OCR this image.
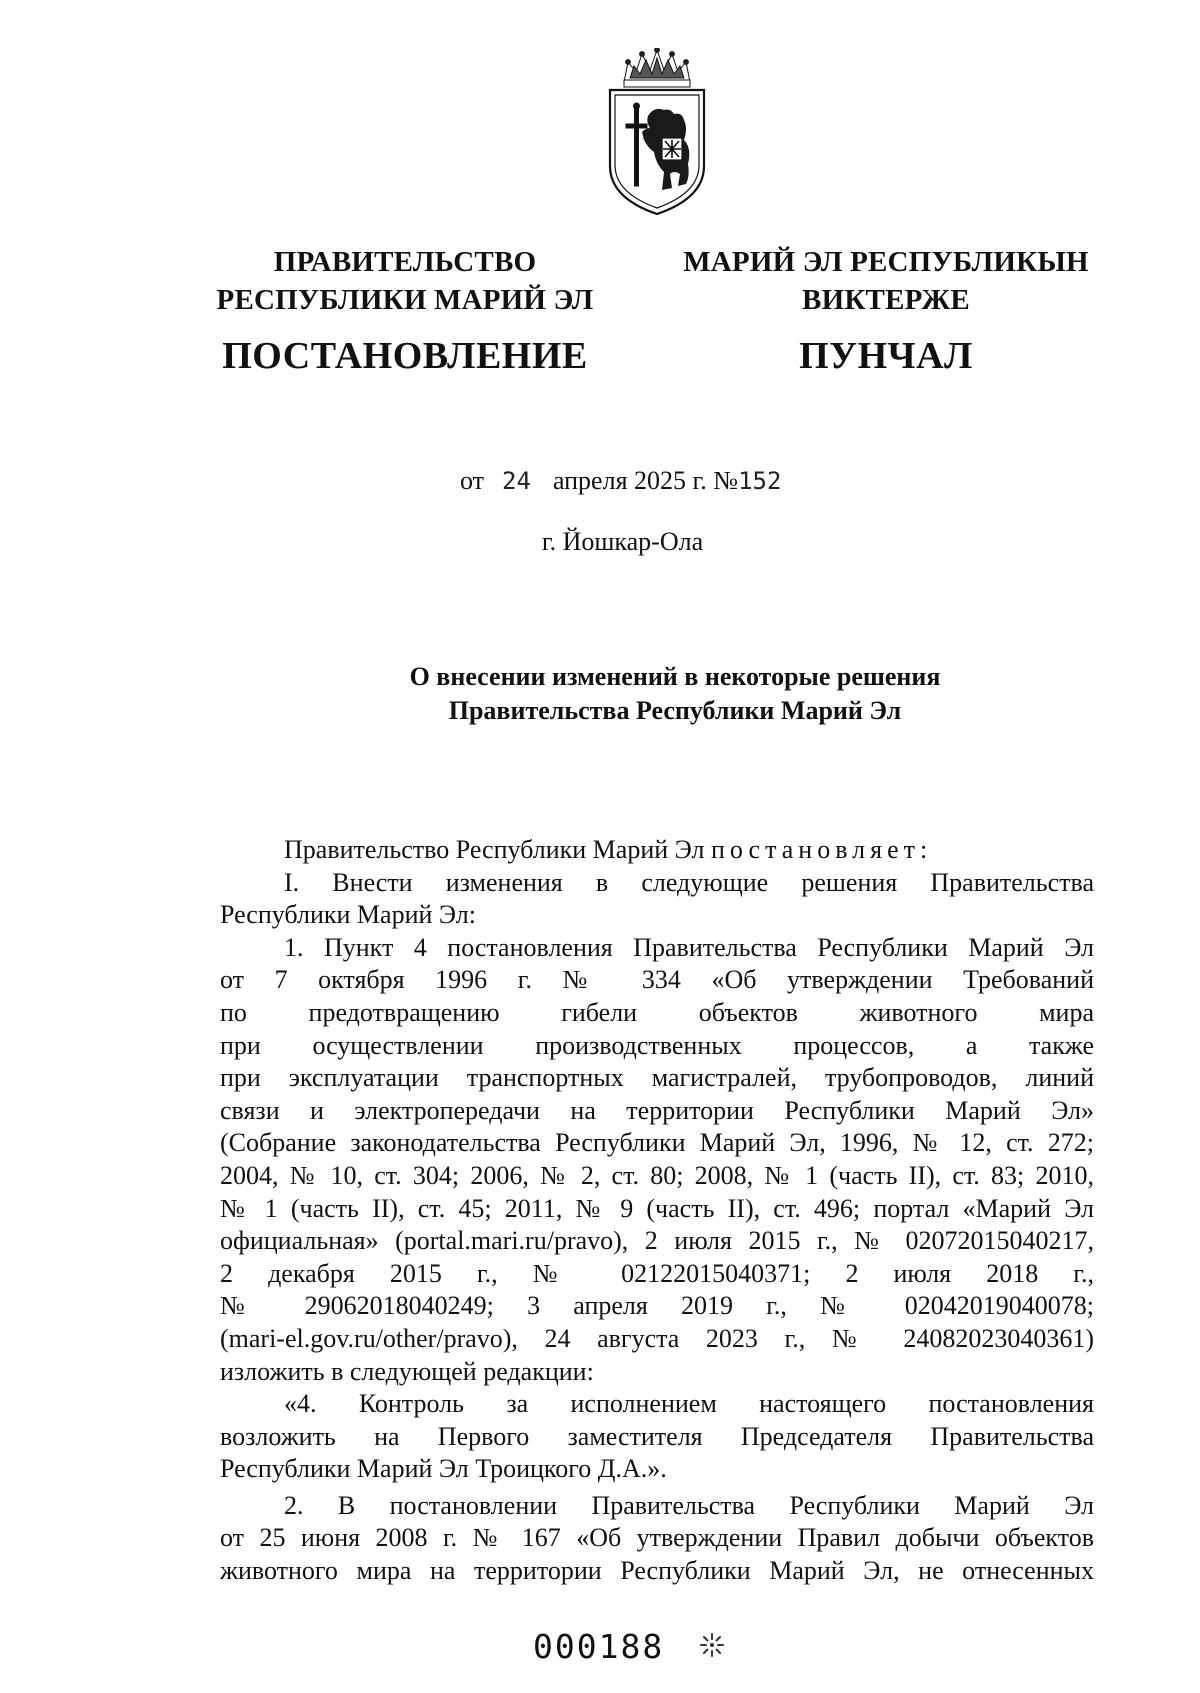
ПРАВИТЕЛЬСТВО
РЕСПУБЛИКИ МАРИЙ ЭЛ
ПОСТАНОВЛЕНИЕ
МАРИЙ ЭЛ РЕСПУБЛИКЫН
ВИКТЕРЖЕ
ПУНЧАЛ
от 24 апреля 2025 г. №152
г. Йошкар-Ола
О внесении изменений в некоторые решения
Правительства Республики Марий Эл

Правительство Республики Марий Эл постановляет:

I. Внести изменения в следующие решения Правительства
Республики Марий Эл:
1. Пункт 4 постановления Правительства Республики Марий Эл
от 7 октября 1996 г. № 334 «Об утверждении Требований
по предотвращению гибели объектов животного мира
при осуществлении производственных процессов, а также
при эксплуатации транспортных магистралей, трубопроводов, линий
связи и электропередачи на территории Республики Марий Эл»
(Собрание законодательства Республики Марий Эл, 1996, № 12, ст. 272;
2004, № 10, ст. 304; 2006, № 2, ст. 80; 2008, № 1 (часть II), ст. 83; 2010,
№ 1 (часть II), ст. 45; 2011, № 9 (часть II), ст. 496; портал «Марий Эл
официальная» (portal.mari.ru/pravo), 2 июля 2015 г., № 02072015040217,
2 декабря 2015 г., № 02122015040371; 2 июля 2018 г.,
№ 29062018040249; 3 апреля 2019 г., № 02042019040078;
(mari-el.gov.ru/other/pravo), 24 августа 2023 г., № 24082023040361)
изложить в следующей редакции:
«4. Контроль за исполнением настоящего постановления
возложить на Первого заместителя Председателя Правительства
Республики Марий Эл Троицкого Д.А.».
2. В постановлении Правительства Республики Марий Эл
от 25 июня 2008 г. № 167 «Об утверждении Правил добычи объектов
животного мира на территории Республики Марий Эл, не отнесенных
000188
